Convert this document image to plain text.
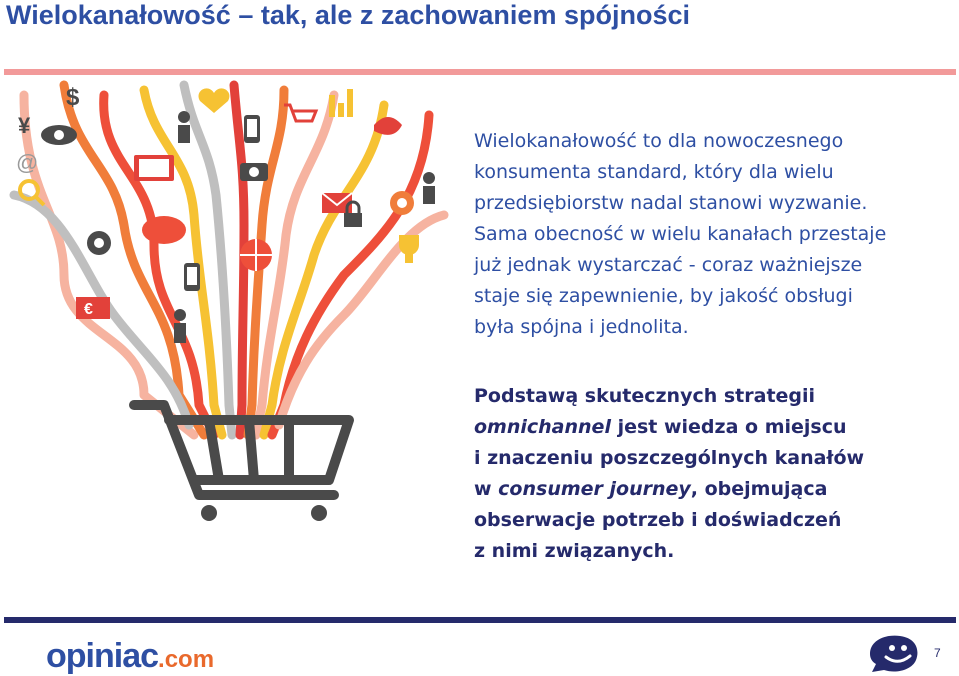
Wielokanałowość – tak, ale z zachowaniem spójności
$
¥
€
@

Wielokanałowość to dla nowoczesnego
konsumenta standard, który dla wielu
przedsiębiorstw nadal stanowi wyzwanie.
Sama obecność w wielu kanałach przestaje
już jednak wystarczać - coraz ważniejsze
staje się zapewnienie, by jakość obsługi
była spójna i jednolita.

Podstawą skutecznych strategii
omnichannel jest wiedza o miejscu
i znaczeniu poszczególnych kanałów
w consumer journey, obejmująca
obserwacje potrzeb i doświadczeń
z nimi związanych.
opiniac.com	7
